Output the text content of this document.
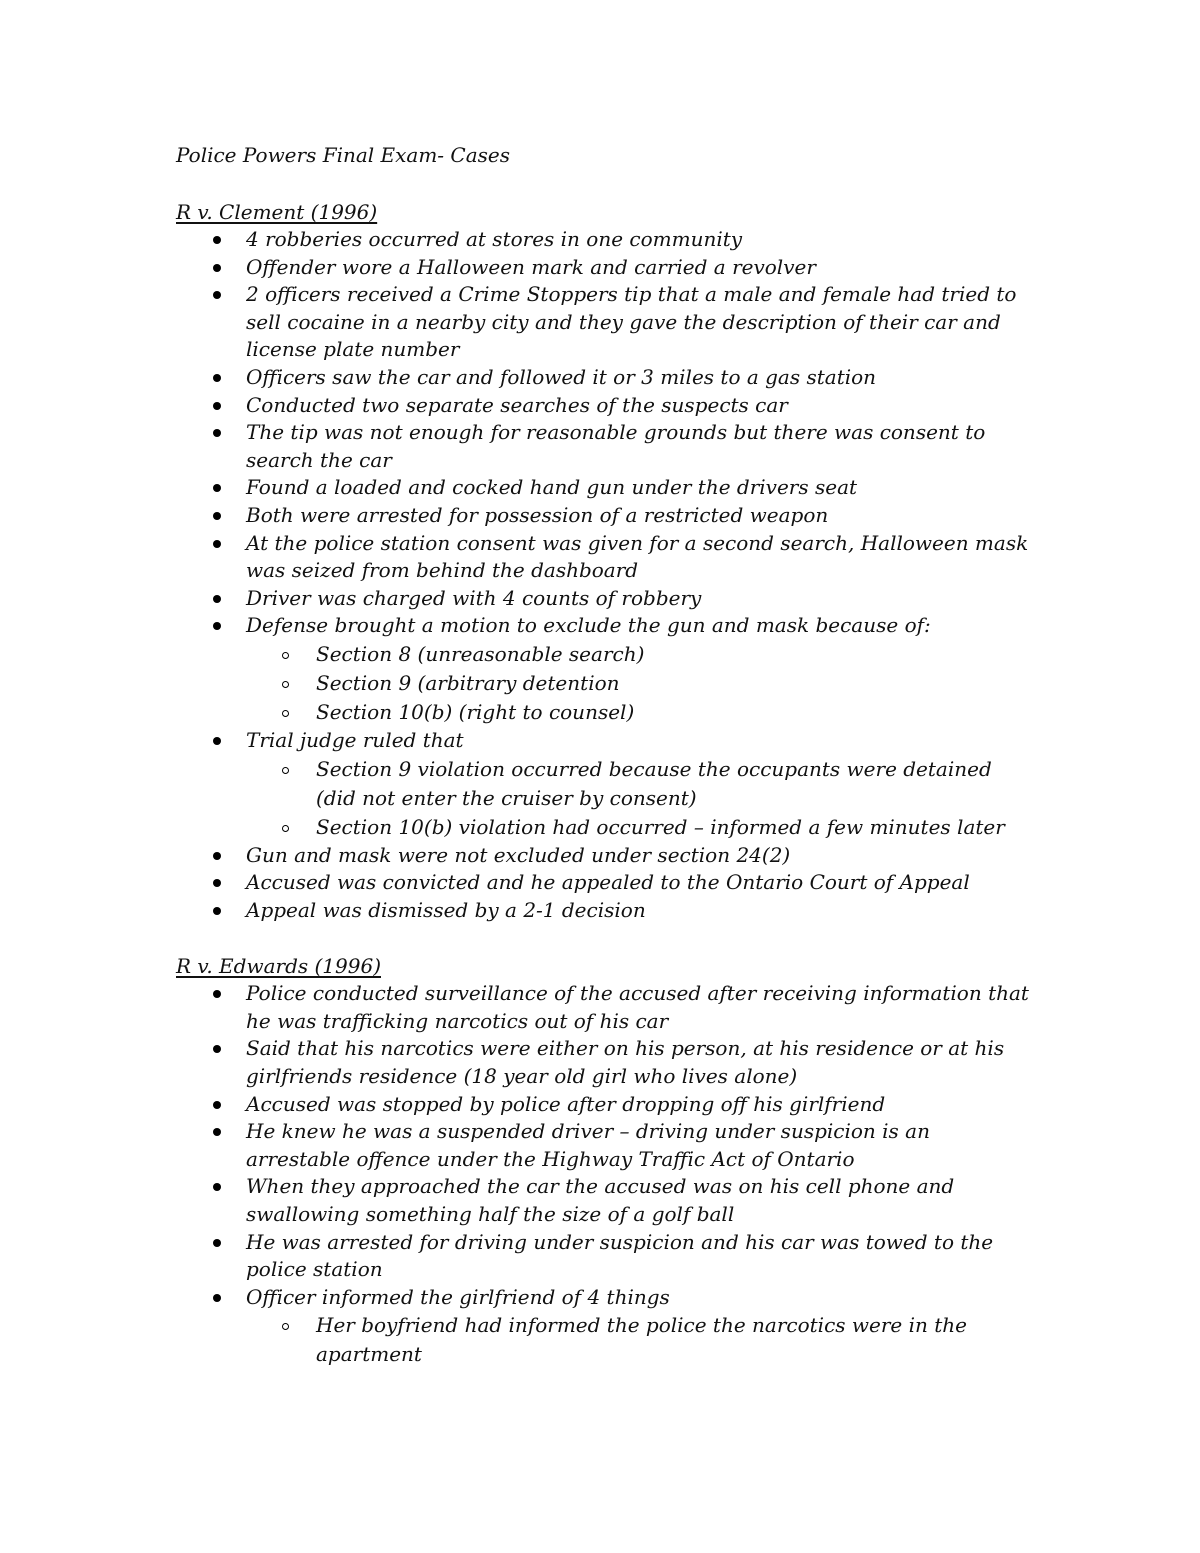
Police Powers Final Exam- Cases
R v. Clement (1996)
4 robberies occurred at stores in one community
Offender wore a Halloween mark and carried a revolver
2 officers received a Crime Stoppers tip that a male and female had tried to sell cocaine in a nearby city and they gave the description of their car and license plate number
Officers saw the car and followed it or 3 miles to a gas station
Conducted two separate searches of the suspects car
The tip was not enough for reasonable grounds but there was consent to search the car
Found a loaded and cocked hand gun under the drivers seat
Both were arrested for possession of a restricted weapon
At the police station consent was given for a second search, Halloween mask was seized from behind the dashboard
Driver was charged with 4 counts of robbery
Defense brought a motion to exclude the gun and mask because of:
Section 8 (unreasonable search)
Section 9 (arbitrary detention
Section 10(b) (right to counsel)
Trial judge ruled that
Section 9 violation occurred because the occupants were detained (did not enter the cruiser by consent)
Section 10(b) violation had occurred – informed a few minutes later
Gun and mask were not excluded under section 24(2)
Accused was convicted and he appealed to the Ontario Court of Appeal
Appeal was dismissed by a 2-1 decision
R v. Edwards (1996)
Police conducted surveillance of the accused after receiving information that he was trafficking narcotics out of his car
Said that his narcotics were either on his person, at his residence or at his girlfriends residence (18 year old girl who lives alone)
Accused was stopped by police after dropping off his girlfriend
He knew he was a suspended driver – driving under suspicion is an arrestable offence under the Highway Traffic Act of Ontario
When they approached the car the accused was on his cell phone and swallowing something half the size of a golf ball
He was arrested for driving under suspicion and his car was towed to the police station
Officer informed the girlfriend of 4 things
Her boyfriend had informed the police the narcotics were in the apartment
